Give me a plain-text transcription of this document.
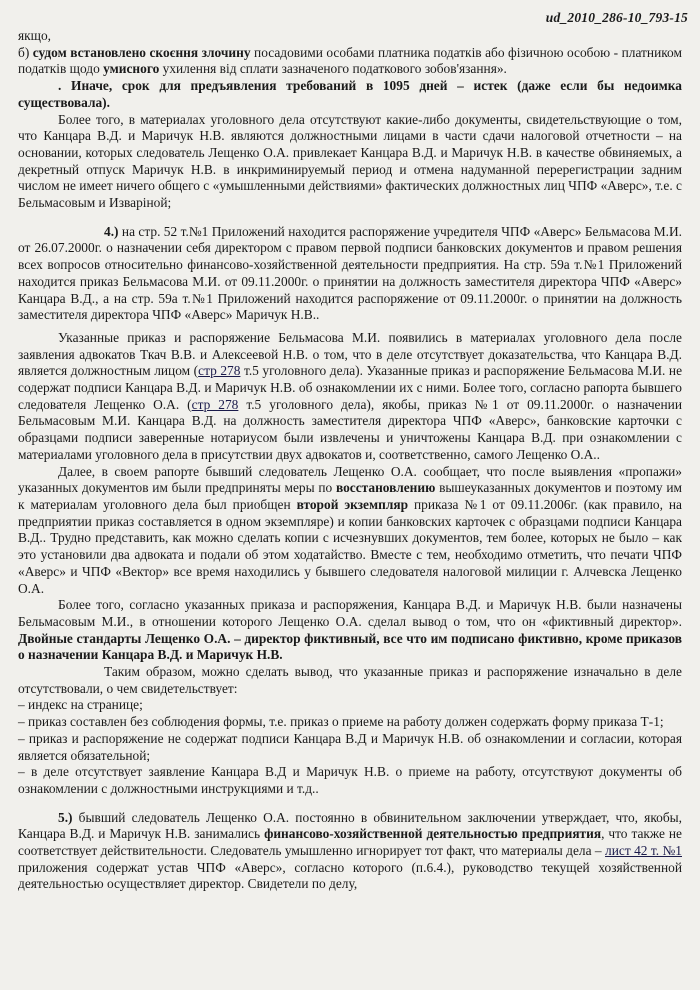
ud_2010_286-10_793-15

якщо,

б) судом встановлено скоєння злочину посадовими особами платника податків або фізичною особою - платником податків щодо умисного ухилення від сплати зазначеного податкового зобов'язання».

. Иначе, срок для предъявления требований в 1095 дней – истек (даже если бы недоимка существовала).

Более того, в материалах уголовного дела отсутствуют какие-либо документы, свидетельствующие о том, что Канцара В.Д. и Маричук Н.В. являются должностными лицами в части сдачи налоговой отчетности – на основании, которых следователь Лещенко О.А. привлекает Канцара В.Д. и Маричук Н.В. в качестве обвиняемых, а декретный отпуск Маричук Н.В. в инкриминируемый период и отмена надуманной перерегистрации задним числом не имеет ничего общего с «умышленными действиями» фактических должностных лиц ЧПФ «Аверс», т.е. с Бельмасовым и Изварiной;

4.) на стр. 52 т.№1 Приложений находится распоряжение учредителя ЧПФ «Аверс» Бельмасова М.И. от 26.07.2000г. о назначении себя директором с правом первой подписи банковских документов и правом решения всех вопросов относительно финансово-хозяйственной деятельности предприятия. На стр. 59а т.№1 Приложений находится приказ Бельмасова М.И. от 09.11.2000г. о принятии на должность заместителя директора ЧПФ «Аверс» Канцара В.Д., а на стр. 59а т.№1 Приложений находится распоряжение от 09.11.2000г. о принятии на должность заместителя директора ЧПФ «Аверс» Маричук Н.В..

Указанные приказ и распоряжение Бельмасова М.И. появились в материалах уголовного дела после заявления адвокатов Ткач В.В. и Алексеевой Н.В. о том, что в деле отсутствует доказательства, что Канцара В.Д. является должностным лицом (стр 278 т.5 уголовного дела). Указанные приказ и распоряжение Бельмасова М.И. не содержат подписи Канцара В.Д. и Маричук Н.В. об ознакомлении их с ними. Более того, согласно рапорта бывшего следователя Лещенко О.А. (стр 278 т.5 уголовного дела), якобы, приказ №1 от 09.11.2000г. о назначении Бельмасовым М.И. Канцара В.Д. на должность заместителя директора ЧПФ «Аверс», банковские карточки с образцами подписи заверенные нотариусом были извлечены и уничтожены Канцара В.Д. при ознакомлении с материалами уголовного дела в присутствии двух адвокатов и, соответственно, самого Лещенко О.А..

Далее, в своем рапорте бывший следователь Лещенко О.А. сообщает, что после выявления «пропажи» указанных документов им были предприняты меры по восстановлению вышеуказанных документов и поэтому им к материалам уголовного дела был приобщен второй экземпляр приказа №1 от 09.11.2006г. (как правило, на предприятии приказ составляется в одном экземпляре) и копии банковских карточек с образцами подписи Канцара В.Д.. Трудно представить, как можно сделать копии с исчезнувших документов, тем более, которых не было – как это установили два адвоката и подали об этом ходатайство. Вместе с тем, необходимо отметить, что печати ЧПФ «Аверс» и ЧПФ «Вектор» все время находились у бывшего следователя налоговой милиции г. Алчевска Лещенко О.А.

Более того, согласно указанных приказа и распоряжения, Канцара В.Д. и Маричук Н.В. были назначены Бельмасовым М.И., в отношении которого Лещенко О.А. сделал вывод о том, что он «фиктивный директор». Двойные стандарты Лещенко О.А. – директор фиктивный, все что им подписано фиктивно, кроме приказов о назначении Канцара В.Д. и Маричук Н.В.

Таким образом, можно сделать вывод, что указанные приказ и распоряжение изначально в деле отсутствовали, о чем свидетельствует:

– индекс на странице;

– приказ составлен без соблюдения формы, т.е. приказ о приеме на работу должен содержать форму приказа Т-1;

– приказ и распоряжение не содержат подписи Канцара В.Д и Маричук Н.В. об ознакомлении и согласии, которая является обязательной;

– в деле отсутствует заявление Канцара В.Д и Маричук Н.В. о приеме на работу, отсутствуют документы об ознакомлении с должностными инструкциями и т.д..

5.) бывший следователь Лещенко О.А. постоянно в обвинительном заключении утверждает, что, якобы, Канцара В.Д. и Маричук Н.В. занимались финансово-хозяйственной деятельностью предприятия, что также не соответствует действительности. Следователь умышленно игнорирует тот факт, что материалы дела – лист 42 т. №1 приложения содержат устав ЧПФ «Аверс», согласно которого (п.6.4.), руководство текущей хозяйственной деятельностью осуществляет директор. Свидетели по делу,
